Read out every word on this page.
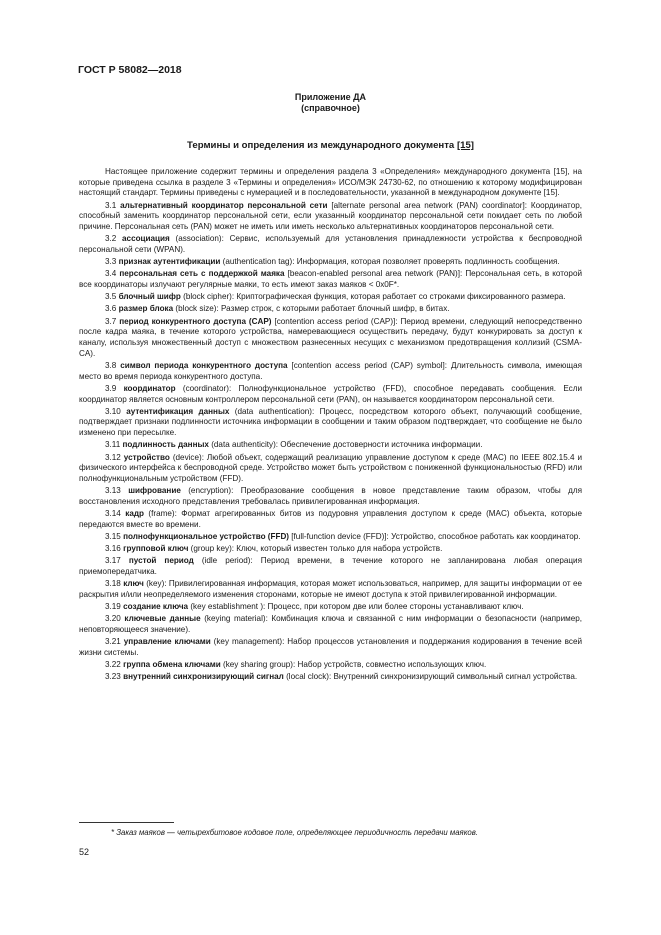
ГОСТ Р 58082—2018
Приложение ДА
(справочное)
Термины и определения из международного документа [15]

Настоящее приложение содержит термины и определения раздела 3 «Определения» международного документа [15], на которые приведена ссылка в разделе 3 «Термины и определения» ИСО/МЭК 24730-62, по отношению к которому модифицирован настоящий стандарт. Термины приведены с нумерацией и в последовательности, указанной в международном документе [15].

3.1 альтернативный координатор персональной сети [alternate personal area network (PAN) coordinator]: Координатор, способный заменить координатор персональной сети, если указанный координатор персональной сети покидает сеть по любой причине. Персональная сеть (PAN) может не иметь или иметь несколько альтернативных координаторов персональной сети.

3.2 ассоциация (association): Сервис, используемый для установления принадлежности устройства к беспроводной персональной сети (WPAN).

3.3 признак аутентификации (authentication tag): Информация, которая позволяет проверять подлинность сообщения.

3.4 персональная сеть с поддержкой маяка [beacon-enabled personal area network (PAN)]: Персональная сеть, в которой все координаторы излучают регулярные маяки, то есть имеют заказ маяков < 0x0F*.

3.5 блочный шифр (block cipher): Криптографическая функция, которая работает со строками фиксированного размера.

3.6 размер блока (block size): Размер строк, с которыми работает блочный шифр, в битах.

3.7 период конкурентного доступа (CAP) [contention access period (CAP)]: Период времени, следующий непосредственно после кадра маяка, в течение которого устройства, намеревающиеся осуществить передачу, будут конкурировать за доступ к каналу, используя множественный доступ с множеством разнесенных несущих с механизмом предотвращения коллизий (CSMA-CA).

3.8 символ периода конкурентного доступа [contention access period (CAP) symbol]: Длительность символа, имеющая место во время периода конкурентного доступа.

3.9 координатор (coordinator): Полнофункциональное устройство (FFD), способное передавать сообщения. Если координатор является основным контроллером персональной сети (PAN), он называется координатором персональной сети.

3.10 аутентификация данных (data authentication): Процесс, посредством которого объект, получающий сообщение, подтверждает признаки подлинности источника информации в сообщении и таким образом подтверждает, что сообщение не было изменено при пересылке.

3.11 подлинность данных (data authenticity): Обеспечение достоверности источника информации.

3.12 устройство (device): Любой объект, содержащий реализацию управление доступом к среде (MAC) по IEEE 802.15.4 и физического интерфейса к беспроводной среде. Устройство может быть устройством с пониженной функциональностью (RFD) или полнофункциональным устройством (FFD).

3.13 шифрование (encryption): Преобразование сообщения в новое представление таким образом, чтобы для восстановления исходного представления требовалась привилегированная информация.

3.14 кадр (frame): Формат агрегированных битов из подуровня управления доступом к среде (MAC) объекта, которые передаются вместе во времени.

3.15 полнофункциональное устройство (FFD) [full-function device (FFD)]: Устройство, способное работать как координатор.

3.16 групповой ключ (group key): Ключ, который известен только для набора устройств.

3.17 пустой период (idle period): Период времени, в течение которого не запланирована любая операция приемопередатчика.

3.18 ключ (key): Привилегированная информация, которая может использоваться, например, для защиты информации от ее раскрытия и/или неопределяемого изменения сторонами, которые не имеют доступа к этой привилегированной информации.

3.19 создание ключа (key establishment ): Процесс, при котором две или более стороны устанавливают ключ.

3.20 ключевые данные (keying material): Комбинация ключа и связанной с ним информации о безопасности (например, неповторяющееся значение).

3.21 управление ключами (key management): Набор процессов установления и поддержания кодирования в течение всей жизни системы.

3.22 группа обмена ключами (key sharing group): Набор устройств, совместно использующих ключ.

3.23 внутренний синхронизирующий сигнал (local clock): Внутренний синхронизирующий символьный сигнал устройства.

* Заказ маяков — четырехбитовое кодовое поле, определяющее периодичность передачи маяков.
52
